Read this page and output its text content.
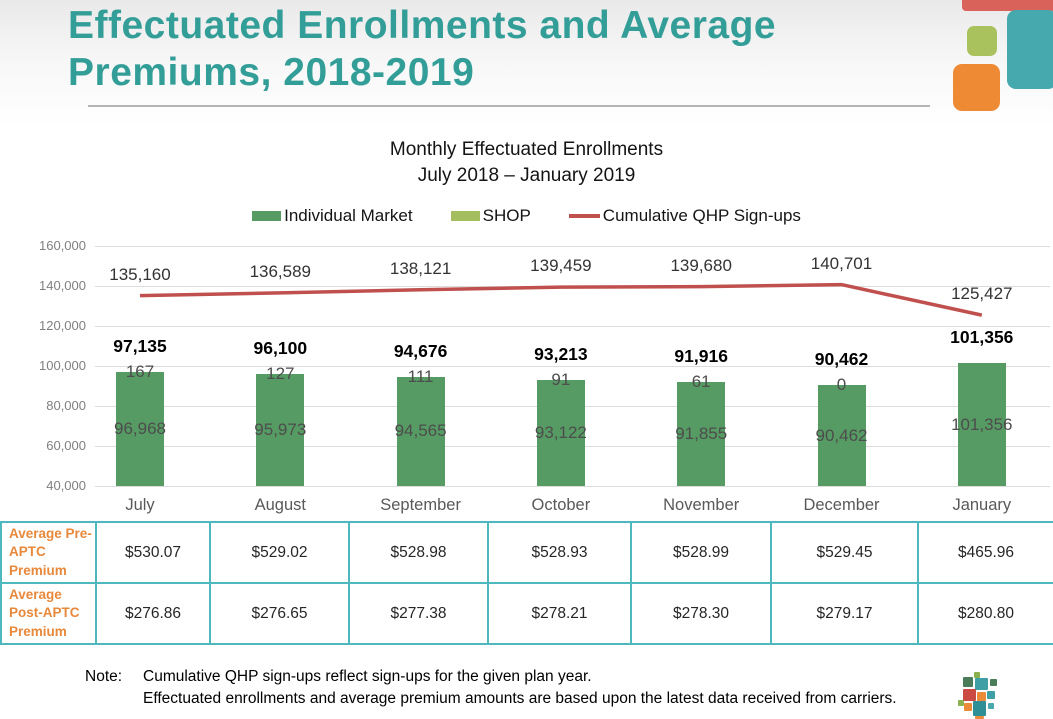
Effectuated Enrollments and Average
Premiums, 2018-2019
Monthly Effectuated Enrollments
July 2018 – January 2019
Individual Market	SHOP	Cumulative QHP Sign-ups
160,000
140,000
120,000
100,000
80,000
60,000
40,000
97,135
167
96,968
July
96,100
127
95,973
August
94,676
111
94,565
September
93,213
91
93,122
October
91,916
61
91,855
November
90,462
0
90,462
December
101,356
101,356
January
135,160	136,589	138,121	139,459	139,680	140,701
125,427
Average Pre-APTC Premium	$530.07	$529.02	$528.98	$528.93	$528.99	$529.45	$465.96
Average Post-APTC Premium	$276.86	$276.65	$277.38	$278.21	$278.30	$279.17	$280.80
Note:	Cumulative QHP sign-ups reflect sign-ups for the given plan year.
Effectuated enrollments and average premium amounts are based upon the latest data received from carriers.
